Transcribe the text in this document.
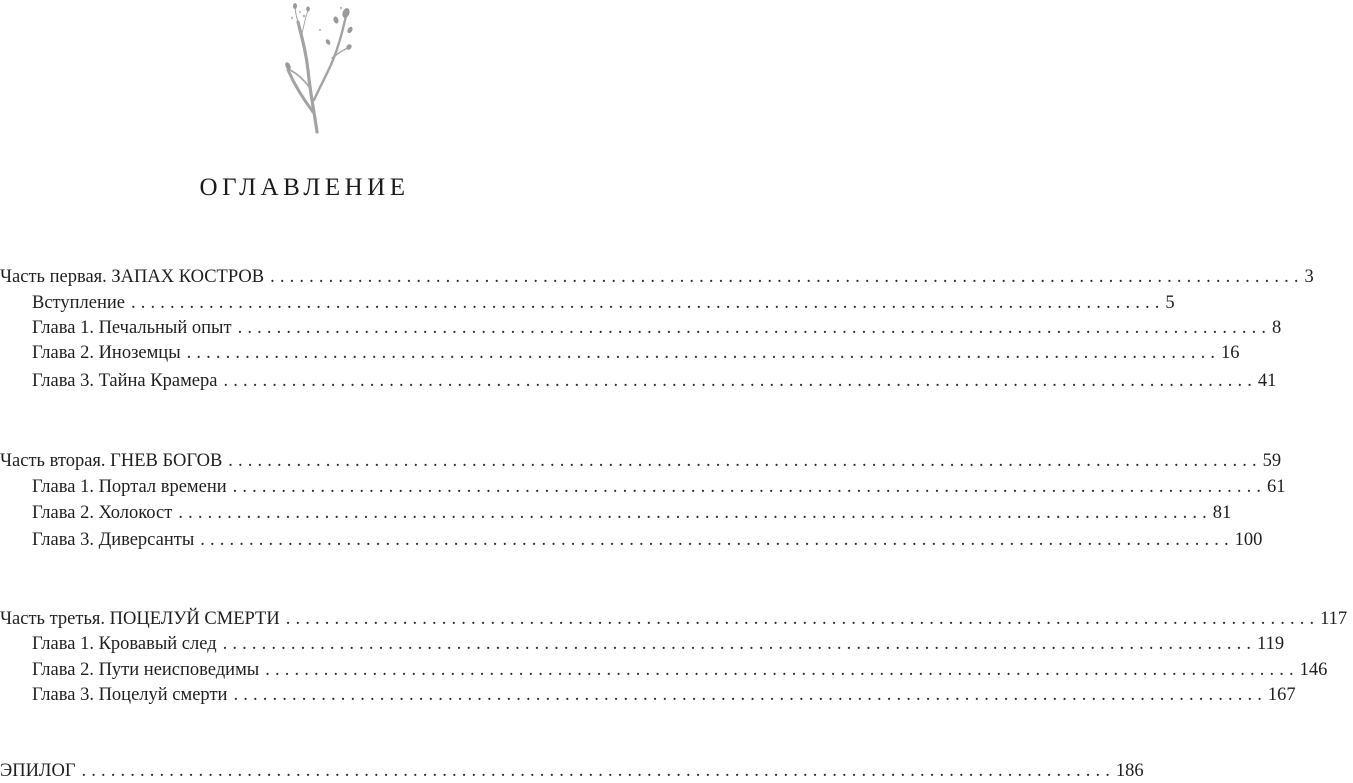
ОГЛАВЛЕНИЕ
Часть первая. ЗАПАХ КОСТРОВ . . .	3
Вступление . . .	5
Глава 1. Печальный опыт . . .	8
Глава 2. Иноземцы . . .	16
Глава 3. Тайна Крамера . . .	41
Часть вторая. ГНЕВ БОГОВ . . .	59
Глава 1. Портал времени . . .	61
Глава 2. Холокост . . .	81
Глава 3. Диверсанты . . .	100
Часть третья. ПОЦЕЛУЙ СМЕРТИ . . .	117
Глава 1. Кровавый след . . .	119
Глава 2. Пути неисповедимы . . .	146
Глава 3. Поцелуй смерти . . .	167
ЭПИЛОГ . . .	186
